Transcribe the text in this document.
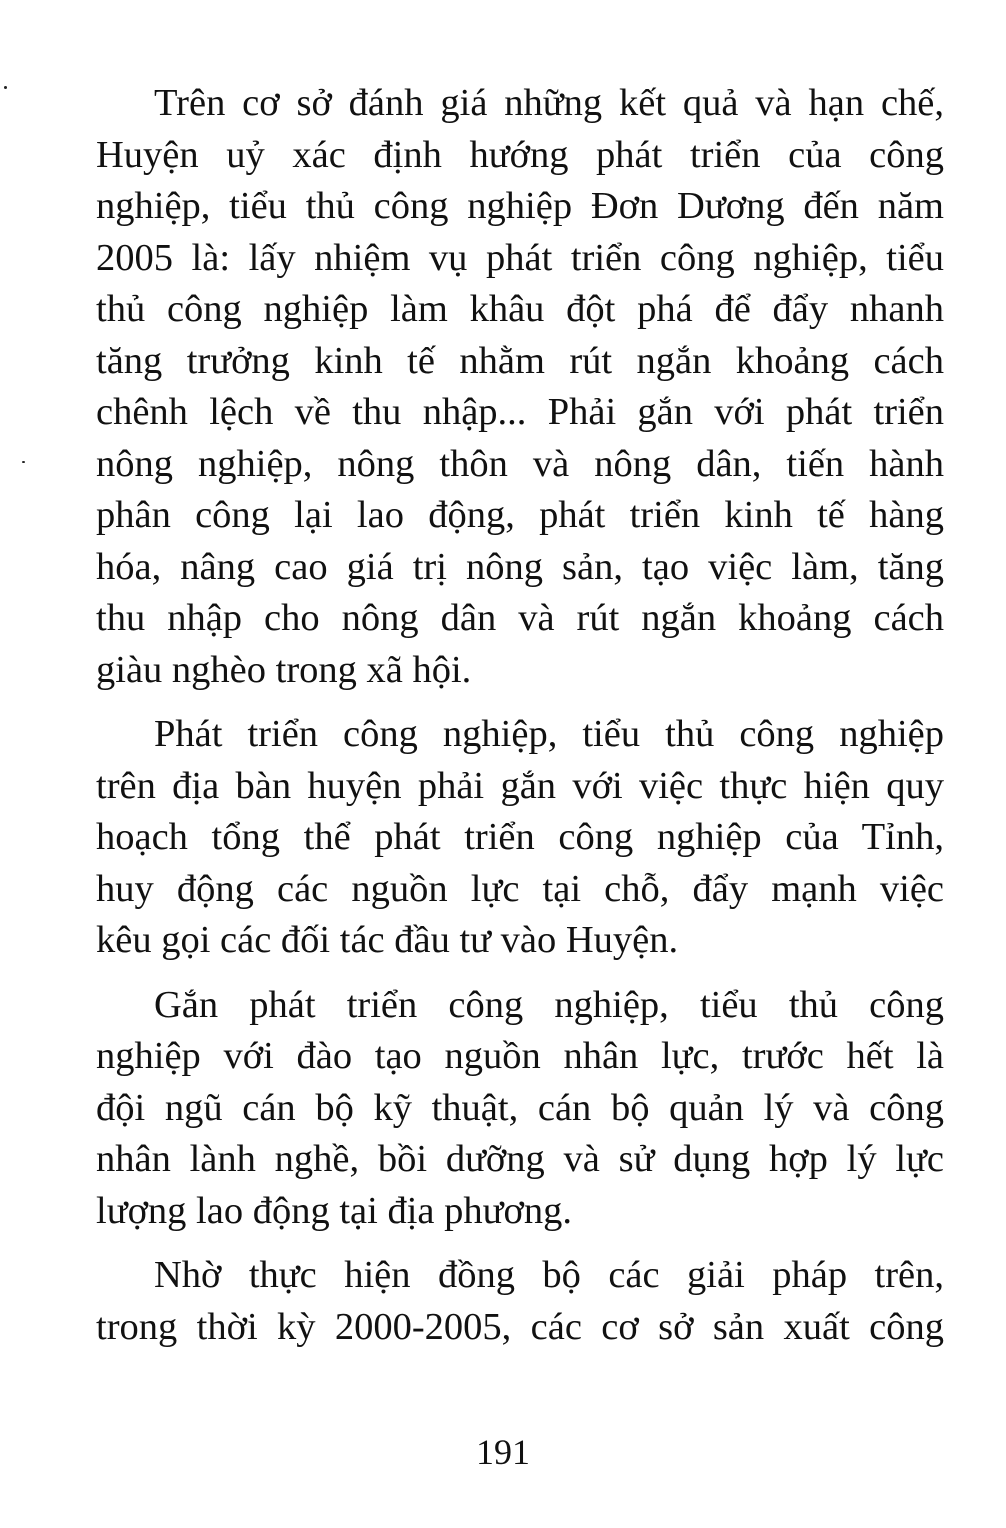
Trên cơ sở đánh giá những kết quả và hạn chế,
Huyện uỷ xác định hướng phát triển của công
nghiệp, tiểu thủ công nghiệp Đơn Dương đến năm
2005 là: lấy nhiệm vụ phát triển công nghiệp, tiểu
thủ công nghiệp làm khâu đột phá để đẩy nhanh
tăng trưởng kinh tế nhằm rút ngắn khoảng cách
chênh lệch về thu nhập... Phải gắn với phát triển
nông nghiệp, nông thôn và nông dân, tiến hành
phân công lại lao động, phát triển kinh tế hàng
hóa, nâng cao giá trị nông sản, tạo việc làm, tăng
thu nhập cho nông dân và rút ngắn khoảng cách
giàu nghèo trong xã hội.
Phát triển công nghiệp, tiểu thủ công nghiệp
trên địa bàn huyện phải gắn với việc thực hiện quy
hoạch tổng thể phát triển công nghiệp của Tỉnh,
huy động các nguồn lực tại chỗ, đẩy mạnh việc
kêu gọi các đối tác đầu tư vào Huyện.
Gắn phát triển công nghiệp, tiểu thủ công
nghiệp với đào tạo nguồn nhân lực, trước hết là
đội ngũ cán bộ kỹ thuật, cán bộ quản lý và công
nhân lành nghề, bồi dưỡng và sử dụng hợp lý lực
lượng lao động tại địa phương.
Nhờ thực hiện đồng bộ các giải pháp trên,
trong thời kỳ 2000-2005, các cơ sở sản xuất công
191
